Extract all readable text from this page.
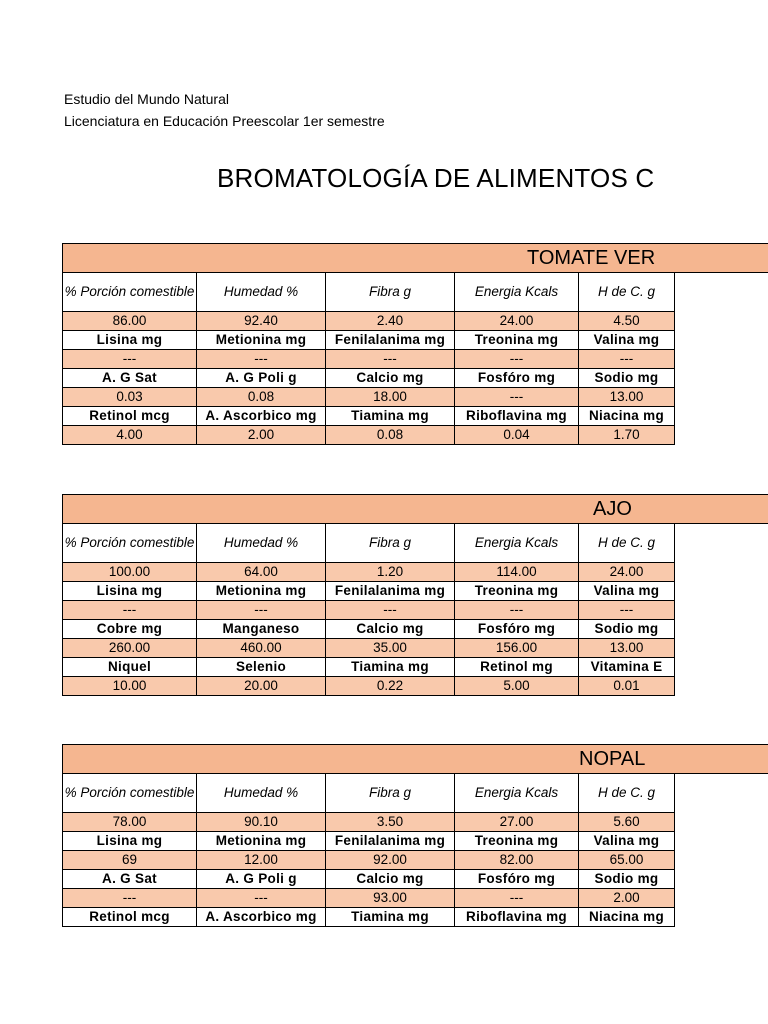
Estudio del Mundo Natural
Licenciatura en Educación Preescolar 1er semestre
BROMATOLOGÍA DE ALIMENTOS C
TOMATE VER					
% Porción comestible	Humedad %	Fibra g	Energia Kcals	H de C. g	
86.00	92.40	2.40	24.00	4.50	
Lisina mg	Metionina mg	Fenilalanima mg	Treonina mg	Valina mg	
---	---	---	---	---	
A. G Sat	A. G Poli g	Calcio mg	Fosfóro mg	Sodio mg	
0.03	0.08	18.00	---	13.00	
Retinol mcg	A. Ascorbico mg	Tiamina mg	Riboflavina mg	Niacina mg	
4.00	2.00	0.08	0.04	1.70	
AJO					
% Porción comestible	Humedad %	Fibra g	Energia Kcals	H de C. g	
100.00	64.00	1.20	114.00	24.00	
Lisina mg	Metionina mg	Fenilalanima mg	Treonina mg	Valina mg	
---	---	---	---	---	
Cobre mg	Manganeso	Calcio mg	Fosfóro mg	Sodio mg	
260.00	460.00	35.00	156.00	13.00	
Niquel	Selenio	Tiamina mg	Retinol mg	Vitamina E	
10.00	20.00	0.22	5.00	0.01	
NOPAL					
% Porción comestible	Humedad %	Fibra g	Energia Kcals	H de C. g	
78.00	90.10	3.50	27.00	5.60	
Lisina mg	Metionina mg	Fenilalanima mg	Treonina mg	Valina mg	
69	12.00	92.00	82.00	65.00	
A. G Sat	A. G Poli g	Calcio mg	Fosfóro mg	Sodio mg	
---	---	93.00	---	2.00	
Retinol mcg	A. Ascorbico mg	Tiamina mg	Riboflavina mg	Niacina mg	
